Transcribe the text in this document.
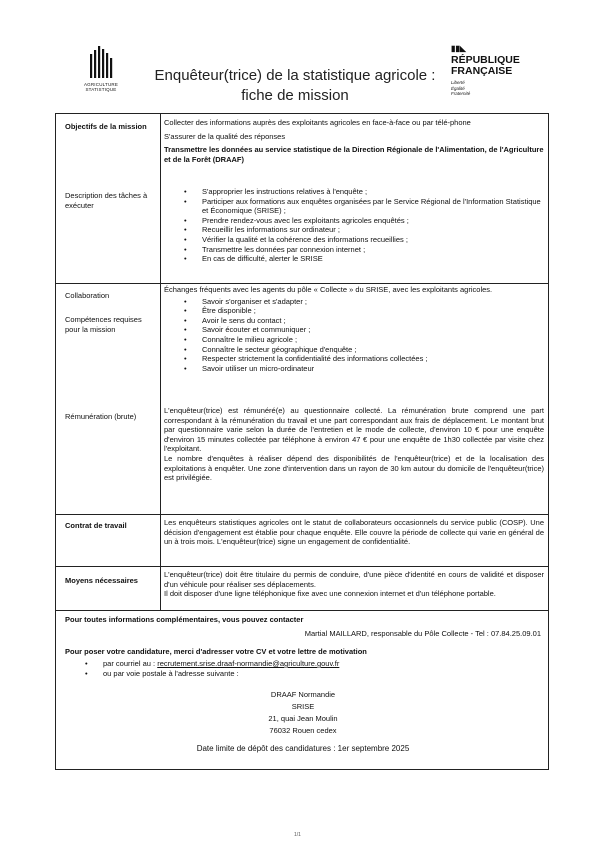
AGRICULTURE
STATISTIQUE
Enquêteur(trice) de la statistique agricole :
fiche de mission
▮▮◣
RÉPUBLIQUE
FRANÇAISE
Liberté
Égalité
Fraternité
Objectifs de la mission	Collecter des informations auprès des exploitants agricoles en face-à-face ou par télé-phone

S'assurer de la qualité des réponses

Transmettre les données au service statistique de la Direction Régionale de l'Alimentation, de l'Agriculture et de la Forêt (DRAAF)

Description des tâches à exécuter
• S'approprier les instructions relatives à l'enquête ;
• Participer aux formations aux enquêtes organisées par le Service Régional de l'Information Statistique et Économique (SRISE) ;
• Prendre rendez-vous avec les exploitants agricoles enquêtés ;
• Recueillir les informations sur ordinateur ;
• Vérifier la qualité et la cohérence des informations recueillies ;
• Transmettre les données par connexion internet ;
• En cas de difficulté, alerter le SRISE
Collaboration
Compétences requises pour la mission

Échanges fréquents avec les agents du pôle « Collecte » du SRISE, avec les exploitants agricoles.

• Savoir s'organiser et s'adapter ;
• Être disponible ;
• Avoir le sens du contact ;
• Savoir écouter et communiquer ;
• Connaître le milieu agricole ;
• Connaître le secteur géographique d'enquête ;
• Respecter strictement la confidentialité des informations collectées ;
• Savoir utiliser un micro-ordinateur
Rémunération (brute)

L'enquêteur(trice) est rémunéré(e) au questionnaire collecté. La rémunération brute comprend une part correspondant à la rémunération du travail et une part correspondant aux frais de déplacement. Le montant brut par questionnaire varie selon la durée de l'entretien et le mode de collecte, d'environ 10 € pour une enquête d'environ 15 minutes collectée par téléphone à environ 47 € pour une enquête de 1h30 collectée par visite chez l'exploitant.

Le nombre d'enquêtes à réaliser dépend des disponibilités de l'enquêteur(trice) et de la localisation des exploitations à enquêter. Une zone d'intervention dans un rayon de 30 km autour du domicile de l'enquêteur(trice) est privilégiée.

Contrat de travail	Les enquêteurs statistiques agricoles ont le statut de collaborateurs occasionnels du service public (COSP). Une décision d'engagement est établie pour chaque enquête. Elle couvre la période de collecte qui varie en général de un à trois mois. L'enquêteur(trice) signe un engagement de confidentialité.
Moyens nécessaires

L'enquêteur(trice) doit être titulaire du permis de conduire, d'une pièce d'identité en cours de validité et disposer d'un véhicule pour réaliser ses déplacements.

Il doit disposer d'une ligne téléphonique fixe avec une connexion internet et d'un téléphone portable.

Pour toutes informations complémentaires, vous pouvez contacter
Martial MAILLARD, responsable du Pôle Collecte - Tel : 07.84.25.09.01
Pour poser votre candidature, merci d'adresser votre CV et votre lettre de motivation
• par courriel au : recrutement.srise.draaf-normandie@agriculture.gouv.fr
• ou par voie postale à l'adresse suivante :
DRAAF Normandie
SRISE
21, quai Jean Moulin
76032 Rouen cedex
Date limite de dépôt des candidatures : 1er septembre 2025
1/1
